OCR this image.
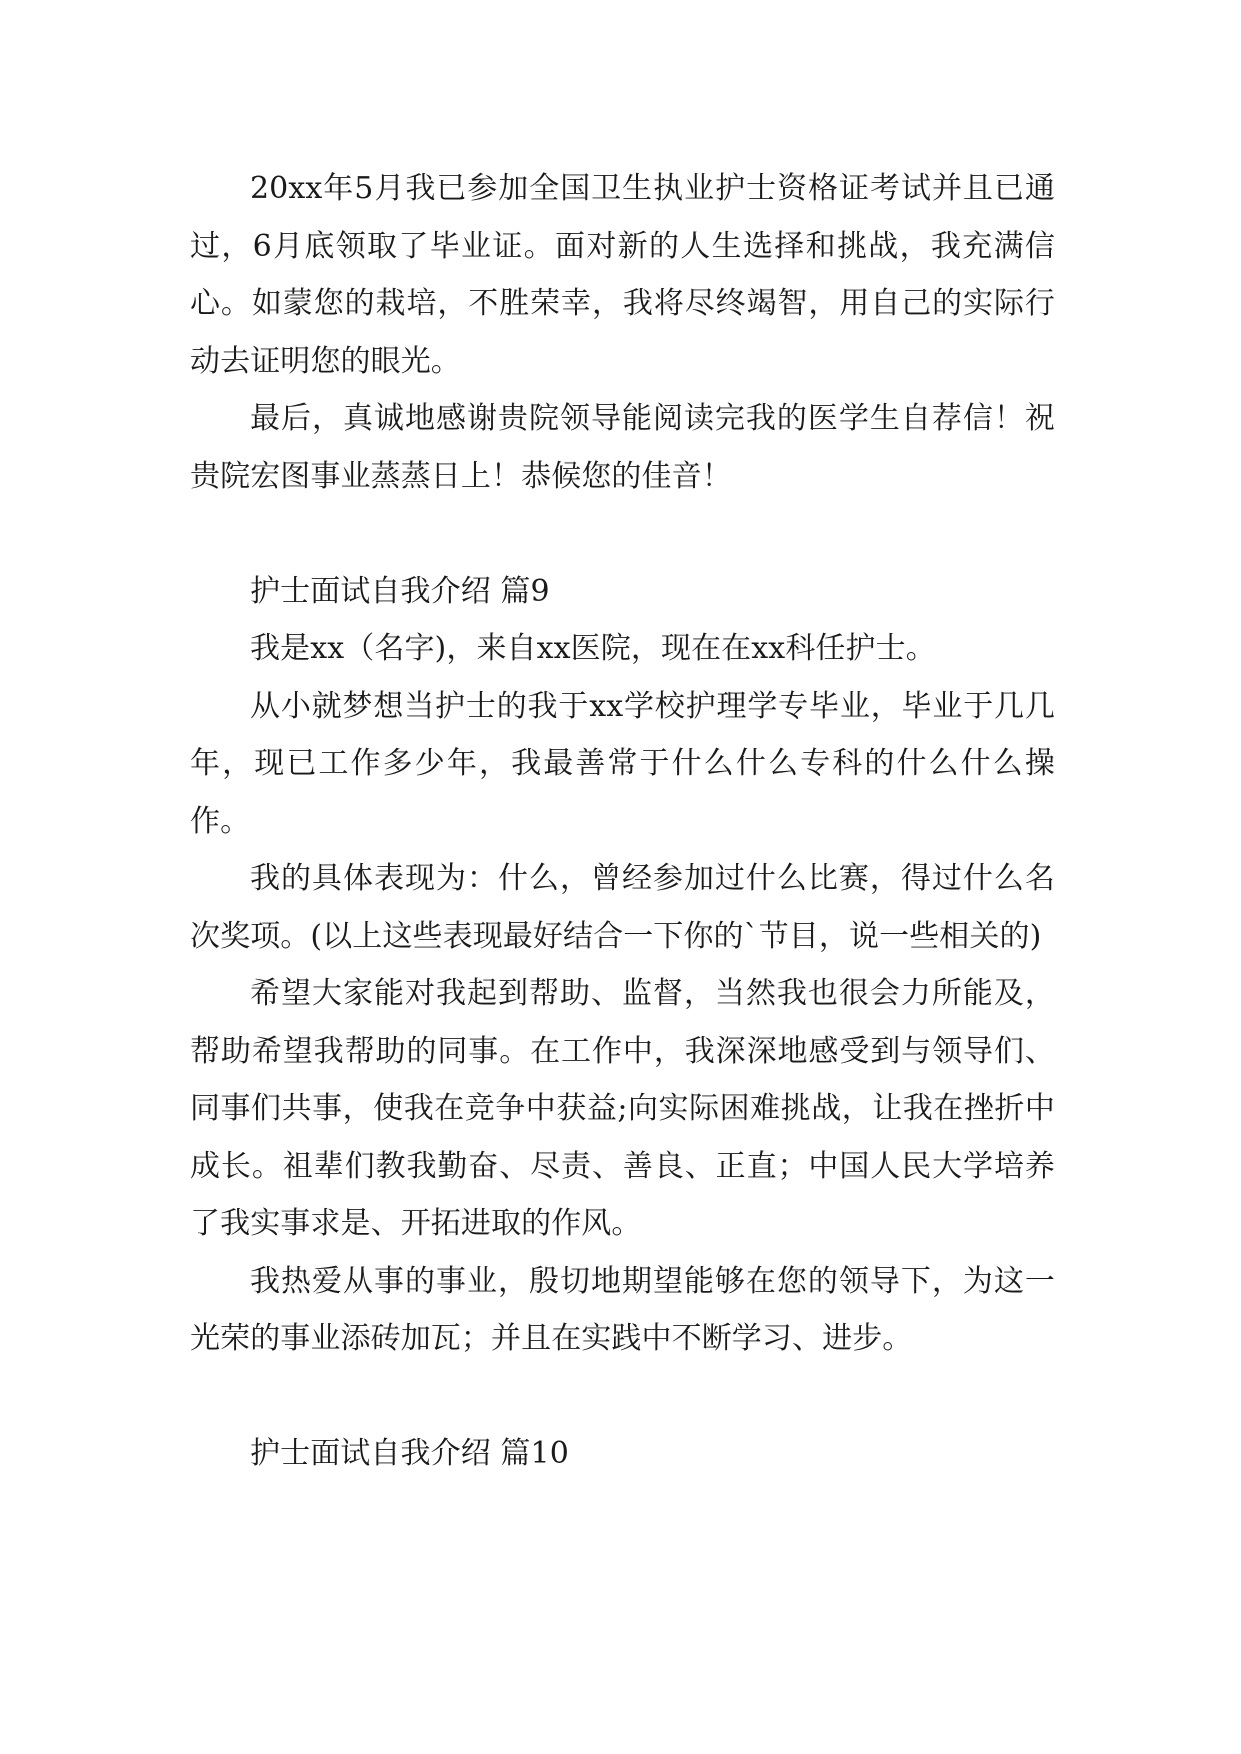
20xx年5月我已参加全国卫生执业护士资格证考试并且已通过，6月底领取了毕业证。面对新的人生选择和挑战，我充满信心。如蒙您的栽培，不胜荣幸，我将尽终竭智，用自己的实际行动去证明您的眼光。

最后，真诚地感谢贵院领导能阅读完我的医学生自荐信！祝贵院宏图事业蒸蒸日上！恭候您的佳音！

护士面试自我介绍 篇9

我是xx（名字)，来自xx医院，现在在xx科任护士。

从小就梦想当护士的我于xx学校护理学专毕业，毕业于几几年，现已工作多少年，我最善常于什么什么专科的什么什么操作。

我的具体表现为：什么，曾经参加过什么比赛，得过什么名次奖项。(以上这些表现最好结合一下你的`节目，说一些相关的)

希望大家能对我起到帮助、监督，当然我也很会力所能及，帮助希望我帮助的同事。在工作中，我深深地感受到与领导们、同事们共事，使我在竞争中获益;向实际困难挑战，让我在挫折中成长。祖辈们教我勤奋、尽责、善良、正直；中国人民大学培养了我实事求是、开拓进取的作风。

我热爱从事的事业，殷切地期望能够在您的领导下，为这一光荣的事业添砖加瓦；并且在实践中不断学习、进步。

护士面试自我介绍 篇10
